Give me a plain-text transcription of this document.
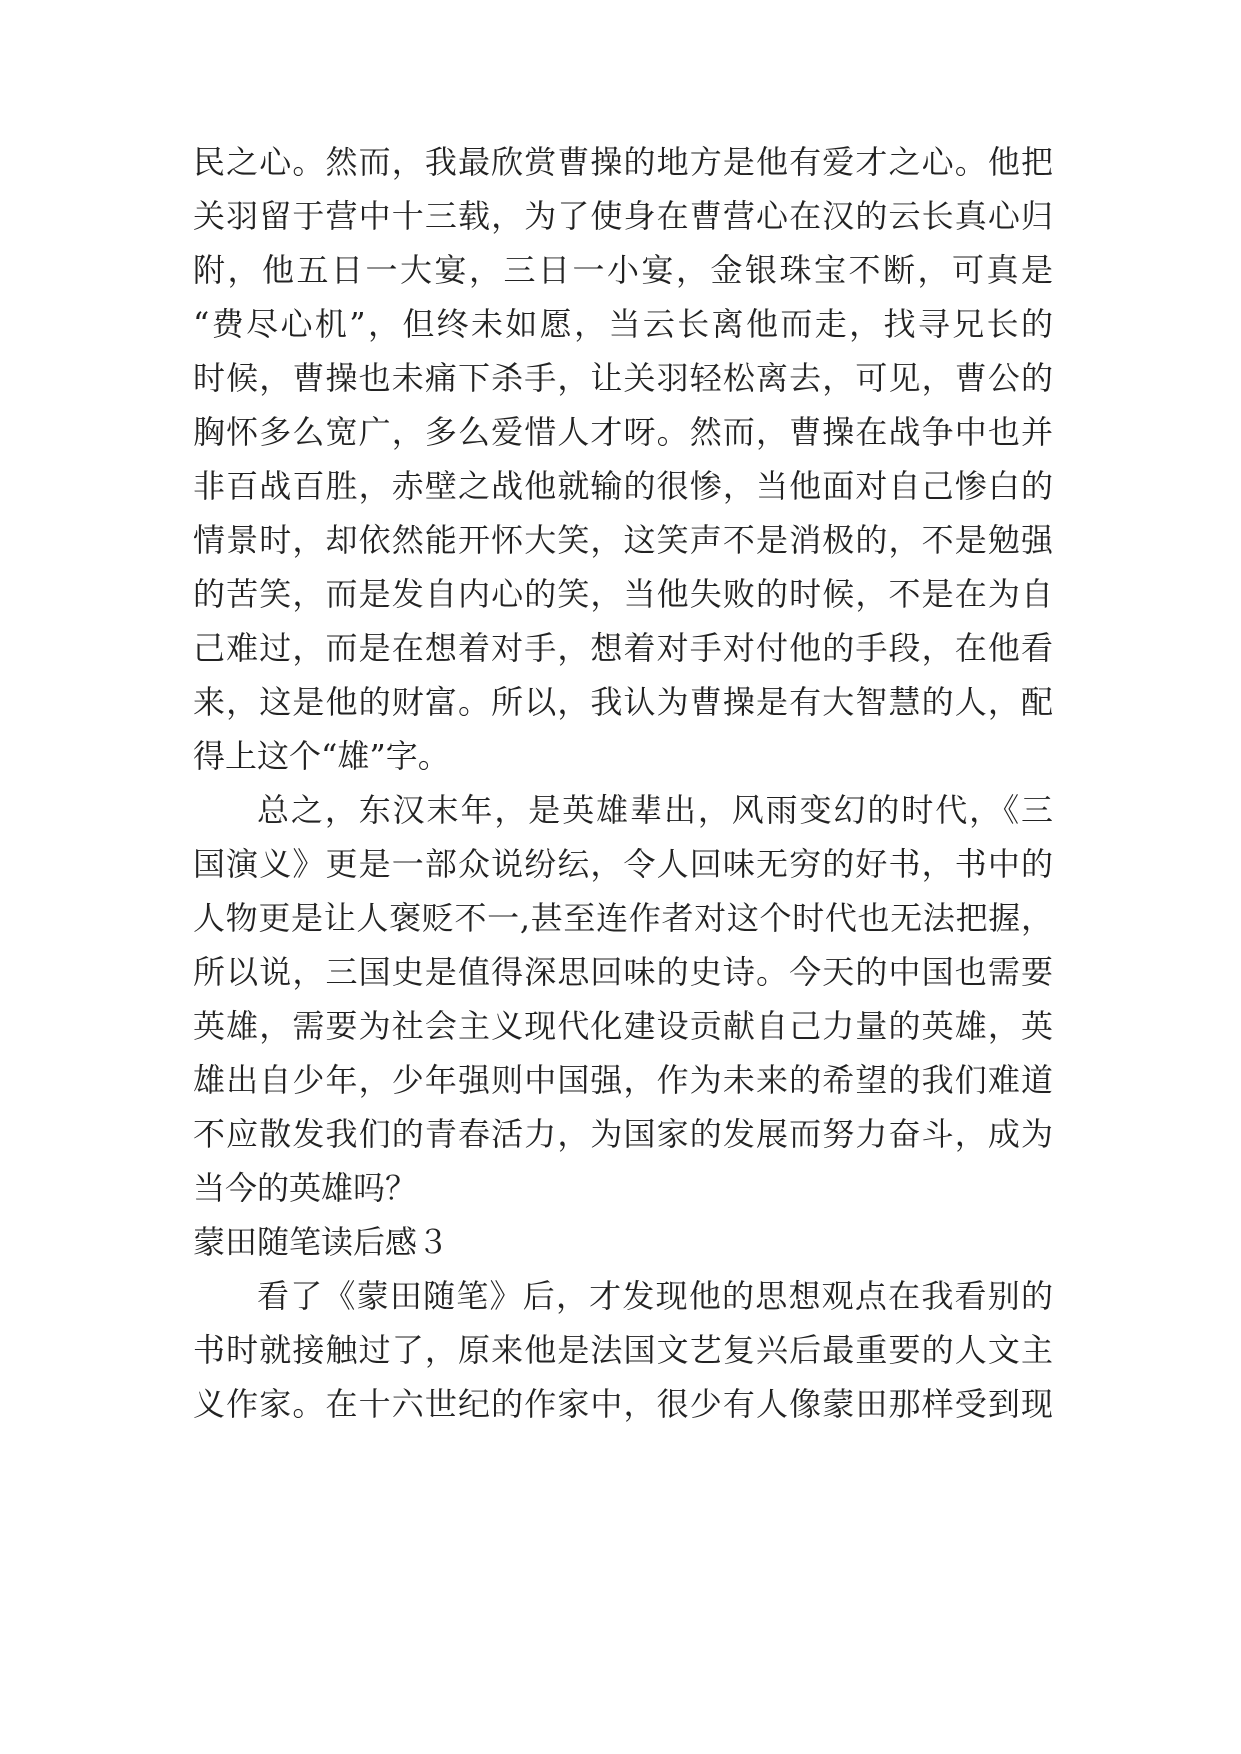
民之心。然而，我最欣赏曹操的地方是他有爱才之心。他把
关羽留于营中十三载，为了使身在曹营心在汉的云长真心归
附，他五日一大宴，三日一小宴，金银珠宝不断，可真是
“费尽心机”，但终未如愿，当云长离他而走，找寻兄长的
时候，曹操也未痛下杀手，让关羽轻松离去，可见，曹公的
胸怀多么宽广，多么爱惜人才呀。然而，曹操在战争中也并
非百战百胜，赤壁之战他就输的很惨，当他面对自己惨白的
情景时，却依然能开怀大笑，这笑声不是消极的，不是勉强
的苦笑，而是发自内心的笑，当他失败的时候，不是在为自
己难过，而是在想着对手，想着对手对付他的手段，在他看
来，这是他的财富。所以，我认为曹操是有大智慧的人，配
得上这个“雄”字。
总之，东汉末年，是英雄辈出，风雨变幻的时代，《三
国演义》更是一部众说纷纭，令人回味无穷的好书，书中的
人物更是让人褒贬不一,甚至连作者对这个时代也无法把握，
所以说，三国史是值得深思回味的史诗。今天的中国也需要
英雄，需要为社会主义现代化建设贡献自己力量的英雄，英
雄出自少年，少年强则中国强，作为未来的希望的我们难道
不应散发我们的青春活力，为国家的发展而努力奋斗，成为
当今的英雄吗？
蒙田随笔读后感３
看了《蒙田随笔》后，才发现他的思想观点在我看别的
书时就接触过了，原来他是法国文艺复兴后最重要的人文主
义作家。在十六世纪的作家中，很少有人像蒙田那样受到现
